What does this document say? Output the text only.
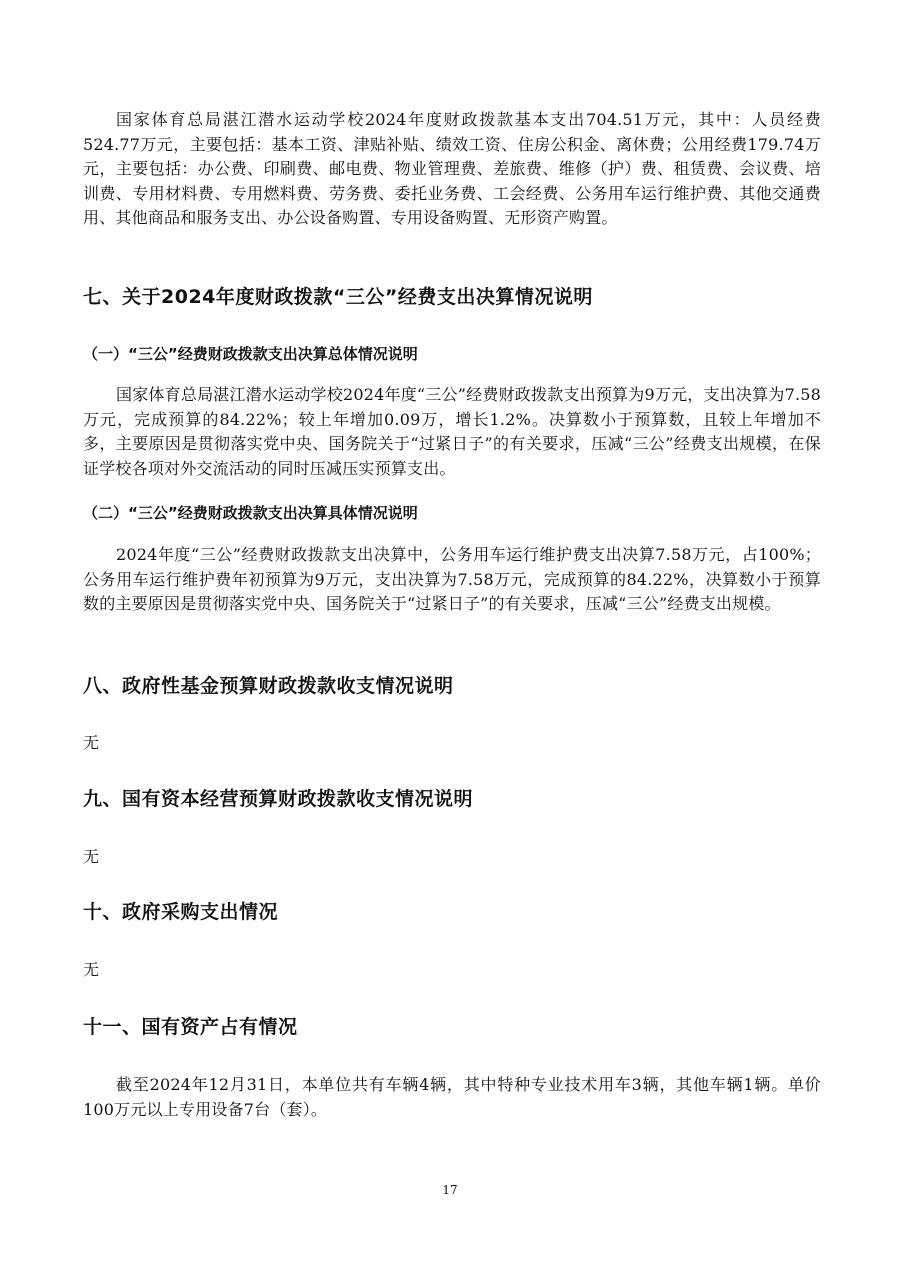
国家体育总局湛江潜水运动学校2024年度财政拨款基本支出704.51万元，其中：人员经费524.77万元，主要包括：基本工资、津贴补贴、绩效工资、住房公积金、离休费；公用经费179.74万元，主要包括：办公费、印刷费、邮电费、物业管理费、差旅费、维修（护）费、租赁费、会议费、培训费、专用材料费、专用燃料费、劳务费、委托业务费、工会经费、公务用车运行维护费、其他交通费用、其他商品和服务支出、办公设备购置、专用设备购置、无形资产购置。

七、关于2024年度财政拨款“三公”经费支出决算情况说明
（一）“三公”经费财政拨款支出决算总体情况说明

国家体育总局湛江潜水运动学校2024年度“三公”经费财政拨款支出预算为9万元，支出决算为7.58万元，完成预算的84.22%；较上年增加0.09万，增长1.2%。决算数小于预算数，且较上年增加不多，主要原因是贯彻落实党中央、国务院关于“过紧日子”的有关要求，压减“三公”经费支出规模，在保证学校各项对外交流活动的同时压减压实预算支出。

（二）“三公”经费财政拨款支出决算具体情况说明

2024年度“三公”经费财政拨款支出决算中，公务用车运行维护费支出决算7.58万元，占100%；公务用车运行维护费年初预算为9万元，支出决算为7.58万元，完成预算的84.22%，决算数小于预算数的主要原因是贯彻落实党中央、国务院关于“过紧日子”的有关要求，压减“三公”经费支出规模。

八、政府性基金预算财政拨款收支情况说明

无

九、国有资本经营预算财政拨款收支情况说明

无

十、政府采购支出情况

无

十一、国有资产占有情况

截至2024年12月31日，本单位共有车辆4辆，其中特种专业技术用车3辆，其他车辆1辆。单价100万元以上专用设备7台（套）。

17
